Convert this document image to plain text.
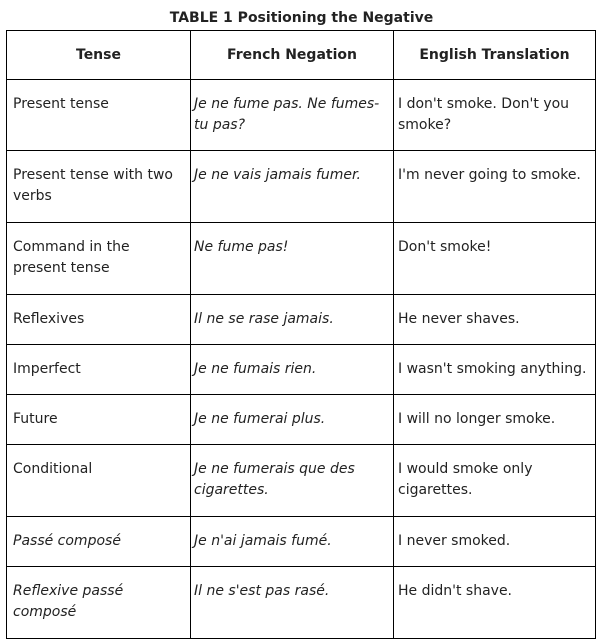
TABLE 1 Positioning the Negative
Tense	French Negation	English Translation
Present tense	Je ne fume pas. Ne fumes-tu pas?	I don't smoke. Don't you smoke?
Present tense with two verbs	Je ne vais jamais fumer.	I'm never going to smoke.
Command in the present tense	Ne fume pas!	Don't smoke!
Reflexives	Il ne se rase jamais.	He never shaves.
Imperfect	Je ne fumais rien.	I wasn't smoking anything.
Future	Je ne fumerai plus.	I will no longer smoke.
Conditional	Je ne fumerais que des cigarettes.	I would smoke only cigarettes.
Passé composé	Je n'ai jamais fumé.	I never smoked.
Reflexive passé composé	Il ne s'est pas rasé.	He didn't shave.
